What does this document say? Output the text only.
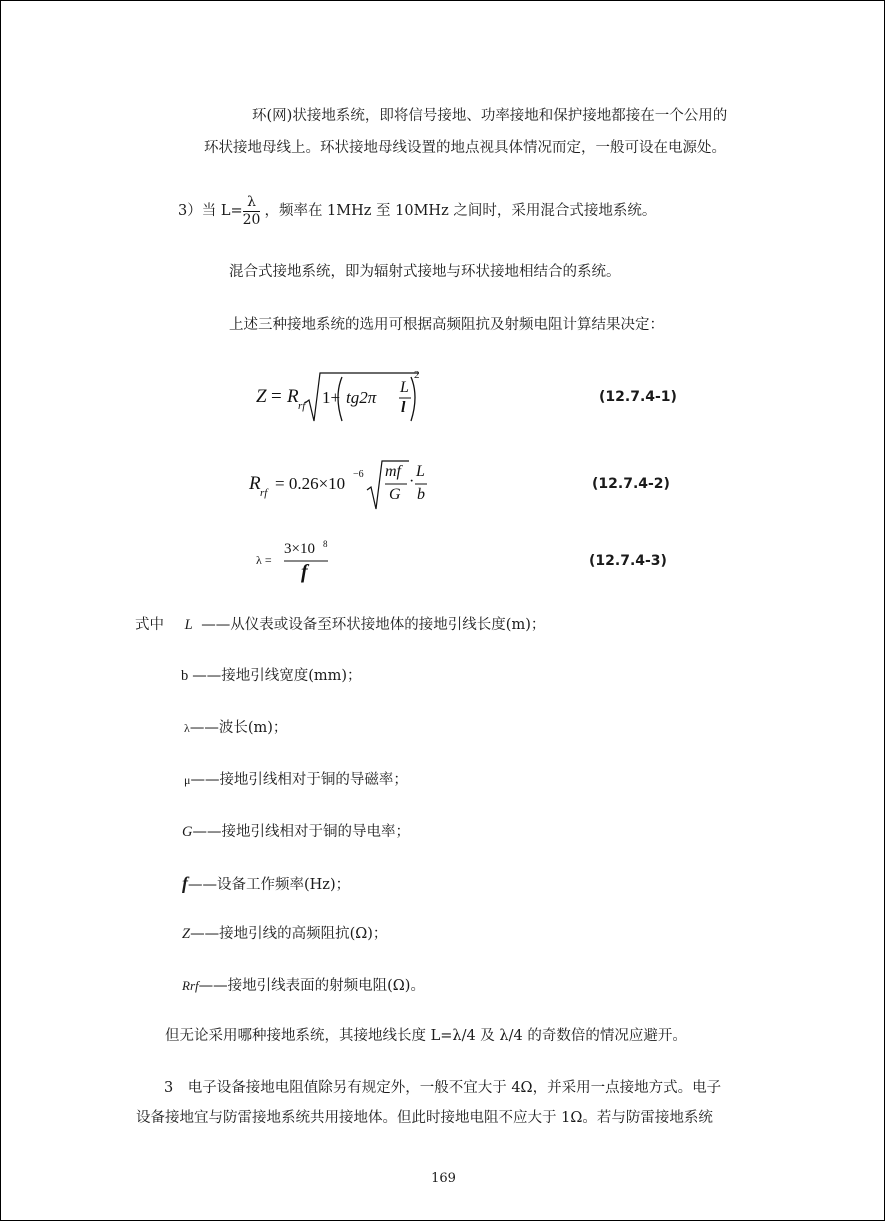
环(网)状接地系统，即将信号接地、功率接地和保护接地都接在一个公用的
环状接地母线上。环状接地母线设置的地点视具体情况而定，一般可设在电源处。
3）当 $L= \frac{\lambda}{20}$ ，频率在 1MHz 至 10MHz 之间时，采用混合式接地系统。
混合式接地系统，即为辐射式接地与环状接地相结合的系统。
上述三种接地系统的选用可根据高频阻抗及射频电阻计算结果决定：
Z = R rf 1+ tg2π
L
l
2
(12.7.4-1)
R rf = 0.26×10 −6 mf
G
·
L
b
(12.7.4-2)
λ =
3×10 8
f	(12.7.4-3)
式中 L ——从仪表或设备至环状接地体的接地引线长度(m)；
b ——接地引线宽度(mm)；
λ——波长(m)；
μ——接地引线相对于铜的导磁率；
G——接地引线相对于铜的导电率；
f——设备工作频率(Hz)；
Z——接地引线的高频阻抗(Ω)；
Rrf——接地引线表面的射频电阻(Ω)。
但无论采用哪种接地系统，其接地线长度 L=λ/4 及 λ/4 的奇数倍的情况应避开。
3　电子设备接地电阻值除另有规定外，一般不宜大于 4Ω，并采用一点接地方式。电子
设备接地宜与防雷接地系统共用接地体。但此时接地电阻不应大于 1Ω。若与防雷接地系统
169
